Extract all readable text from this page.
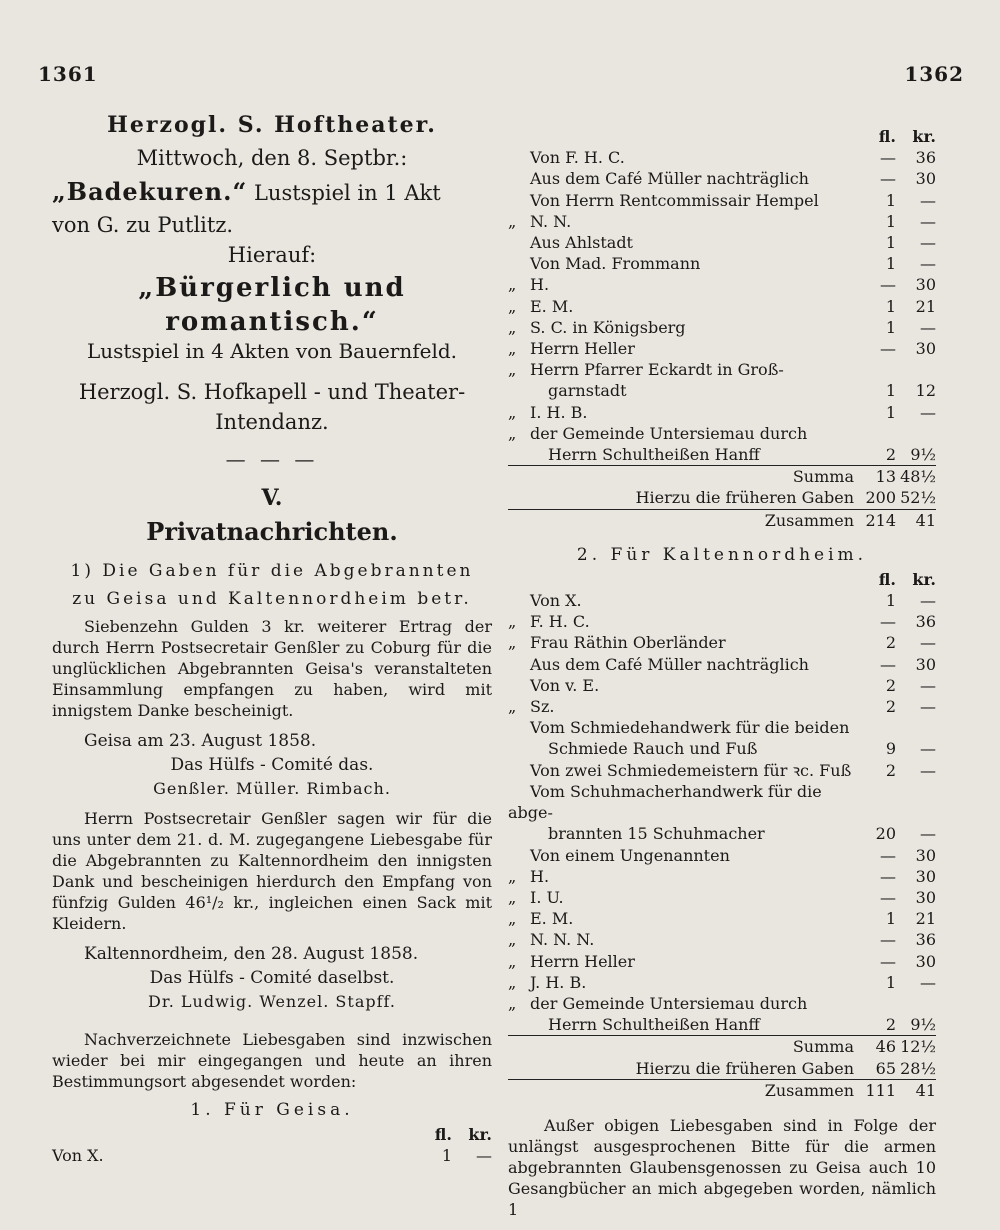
1361	1362
Herzogl. S. Hoftheater.
Mittwoch, den 8. Septbr.:
„Badekuren.“ Lustspiel in 1 Akt
von G. zu Putlitz.
Hierauf:
„Bürgerlich und romantisch.“
Lustspiel in 4 Akten von Bauernfeld.
Herzogl. S. Hofkapell - und Theater-
Intendanz.
— — —
V.
Privatnachrichten.
1) Die Gaben für die Abgebrannten
zu Geisa und Kaltennordheim betr.
Siebenzehn Gulden 3 kr. weiterer Ertrag der durch Herrn Postsecretair Genßler zu Coburg für die unglücklichen Abgebrannten Geisa's veranstalteten Einsammlung empfangen zu haben, wird mit innigstem Danke bescheinigt.
Geisa am 23. August 1858.
Das Hülfs - Comité das.
Genßler. Müller. Rimbach.
Herrn Postsecretair Genßler sagen wir für die uns unter dem 21. d. M. zugegangene Liebesgabe für die Abgebrannten zu Kaltennordheim den innigsten Dank und bescheinigen hierdurch den Empfang von fünfzig Gulden 46¹/₂ kr., ingleichen einen Sack mit Kleidern.
Kaltennordheim, den 28. August 1858.
Das Hülfs - Comité daselbst.
Dr. Ludwig. Wenzel. Stapff.
Nachverzeichnete Liebesgaben sind inzwischen wieder bei mir eingegangen und heute an ihren Bestimmungsort abgesendet worden:
1. Für Geisa.
	fl.	kr.
Von X.	1	—
	fl.	kr.
Von F. H. C.	—	36
Aus dem Café Müller nachträglich	—	30
Von Herrn Rentcommissair Hempel	1	—
„ N. N.	1	—
Aus Ahlstadt	1	—
Von Mad. Frommann	1	—
„ H.	—	30
„ E. M.	1	21
„ S. C. in Königsberg	1	—
„ Herrn Heller	—	30
„ Herrn Pfarrer Eckardt in Groß-		
garnstadt	1	12
„ I. H. B.	1	—
„ der Gemeinde Untersiemau durch		
Herrn Schultheißen Hanff	2	9½
Summa	13	48½
Hierzu die früheren Gaben	200	52½
Zusammen	214	41
2. Für Kaltennordheim.
	fl.	kr.
Von X.	1	—
„ F. H. C.	—	36
„ Frau Räthin Oberländer	2	—
Aus dem Café Müller nachträglich	—	30
Von v. E.	2	—
„ Sz.	2	—
Vom Schmiedehandwerk für die beiden		
Schmiede Rauch und Fuß	9	—
Von zwei Schmiedemeistern für ꝛc. Fuß	2	—
Vom Schuhmacherhandwerk für die abge-		
brannten 15 Schuhmacher	20	—
Von einem Ungenannten	—	30
„ H.	—	30
„ I. U.	—	30
„ E. M.	1	21
„ N. N. N.	—	36
„ Herrn Heller	—	30
„ J. H. B.	1	—
„ der Gemeinde Untersiemau durch		
Herrn Schultheißen Hanff	2	9½
Summa	46	12½
Hierzu die früheren Gaben	65	28½
Zusammen	111	41
Außer obigen Liebesgaben sind in Folge der unlängst ausgesprochenen Bitte für die armen abgebrannten Glaubensgenossen zu Geisa auch 10 Gesangbücher an mich abgegeben worden, nämlich 1
